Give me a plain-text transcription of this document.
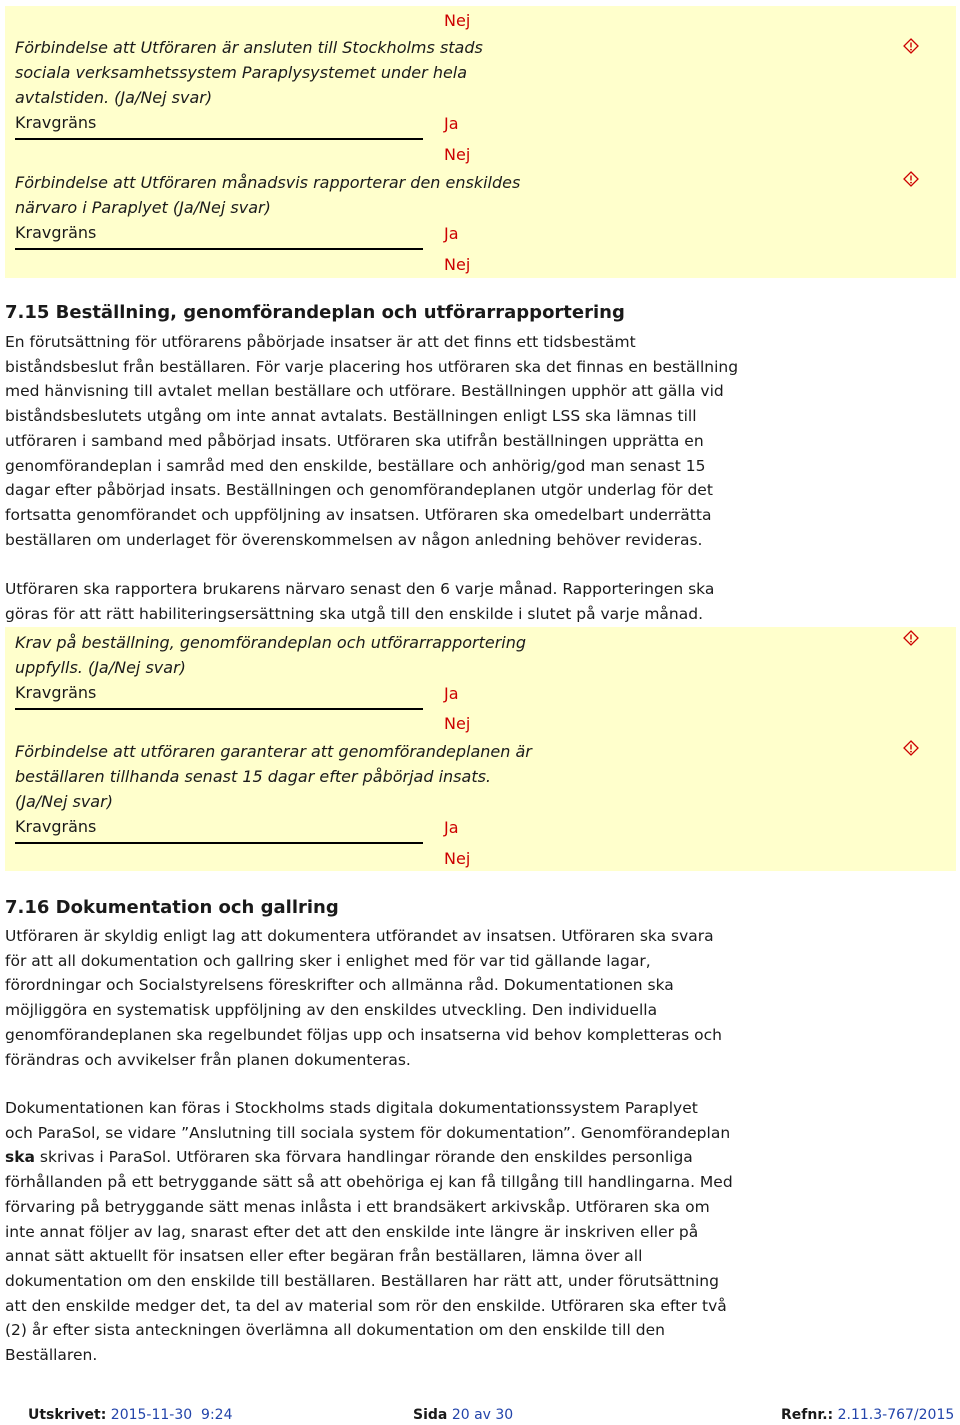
Nej
Förbindelse att Utföraren är ansluten till Stockholms stads
sociala verksamhetssystem Paraplysystemet under hela
avtalstiden. (Ja/Nej svar)
Kravgräns	Ja
Nej
Förbindelse att Utföraren månadsvis rapporterar den enskildes
närvaro i Paraplyet (Ja/Nej svar)
Kravgräns	Ja
Nej
7.15 Beställning, genomförandeplan och utförarrapportering
En förutsättning för utförarens påbörjade insatser är att det finns ett tidsbestämt
biståndsbeslut från beställaren. För varje placering hos utföraren ska det finnas en beställning
med hänvisning till avtalet mellan beställare och utförare. Beställningen upphör att gälla vid
biståndsbeslutets utgång om inte annat avtalats. Beställningen enligt LSS ska lämnas till
utföraren i samband med påbörjad insats. Utföraren ska utifrån beställningen upprätta en
genomförandeplan i samråd med den enskilde, beställare och anhörig/god man senast 15
dagar efter påbörjad insats. Beställningen och genomförandeplanen utgör underlag för det
fortsatta genomförandet och uppföljning av insatsen. Utföraren ska omedelbart underrätta
beställaren om underlaget för överenskommelsen av någon anledning behöver revideras.
Utföraren ska rapportera brukarens närvaro senast den 6 varje månad. Rapporteringen ska
göras för att rätt habiliteringsersättning ska utgå till den enskilde i slutet på varje månad.
Krav på beställning, genomförandeplan och utförarrapportering
uppfylls. (Ja/Nej svar)
Kravgräns	Ja
Nej
Förbindelse att utföraren garanterar att genomförandeplanen är
beställaren tillhanda senast 15 dagar efter påbörjad insats.
(Ja/Nej svar)
Kravgräns	Ja
Nej
7.16 Dokumentation och gallring
Utföraren är skyldig enligt lag att dokumentera utförandet av insatsen. Utföraren ska svara
för att all dokumentation och gallring sker i enlighet med för var tid gällande lagar,
förordningar och Socialstyrelsens föreskrifter och allmänna råd. Dokumentationen ska
möjliggöra en systematisk uppföljning av den enskildes utveckling. Den individuella
genomförandeplanen ska regelbundet följas upp och insatserna vid behov kompletteras och
förändras och avvikelser från planen dokumenteras.
Dokumentationen kan föras i Stockholms stads digitala dokumentationssystem Paraplyet
och ParaSol, se vidare ”Anslutning till sociala system för dokumentation”. Genomförandeplan
ska skrivas i ParaSol. Utföraren ska förvara handlingar rörande den enskildes personliga
förhållanden på ett betryggande sätt så att obehöriga ej kan få tillgång till handlingarna. Med
förvaring på betryggande sätt menas inlåsta i ett brandsäkert arkivskåp. Utföraren ska om
inte annat följer av lag, snarast efter det att den enskilde inte längre är inskriven eller på
annat sätt aktuellt för insatsen eller efter begäran från beställaren, lämna över all
dokumentation om den enskilde till beställaren. Beställaren har rätt att, under förutsättning
att den enskilde medger det, ta del av material som rör den enskilde. Utföraren ska efter två
(2) år efter sista anteckningen överlämna all dokumentation om den enskilde till den
Beställaren.
Utskrivet: 2015-11-30  9:24	Sida 20 av 30	Refnr.: 2.11.3-767/2015
